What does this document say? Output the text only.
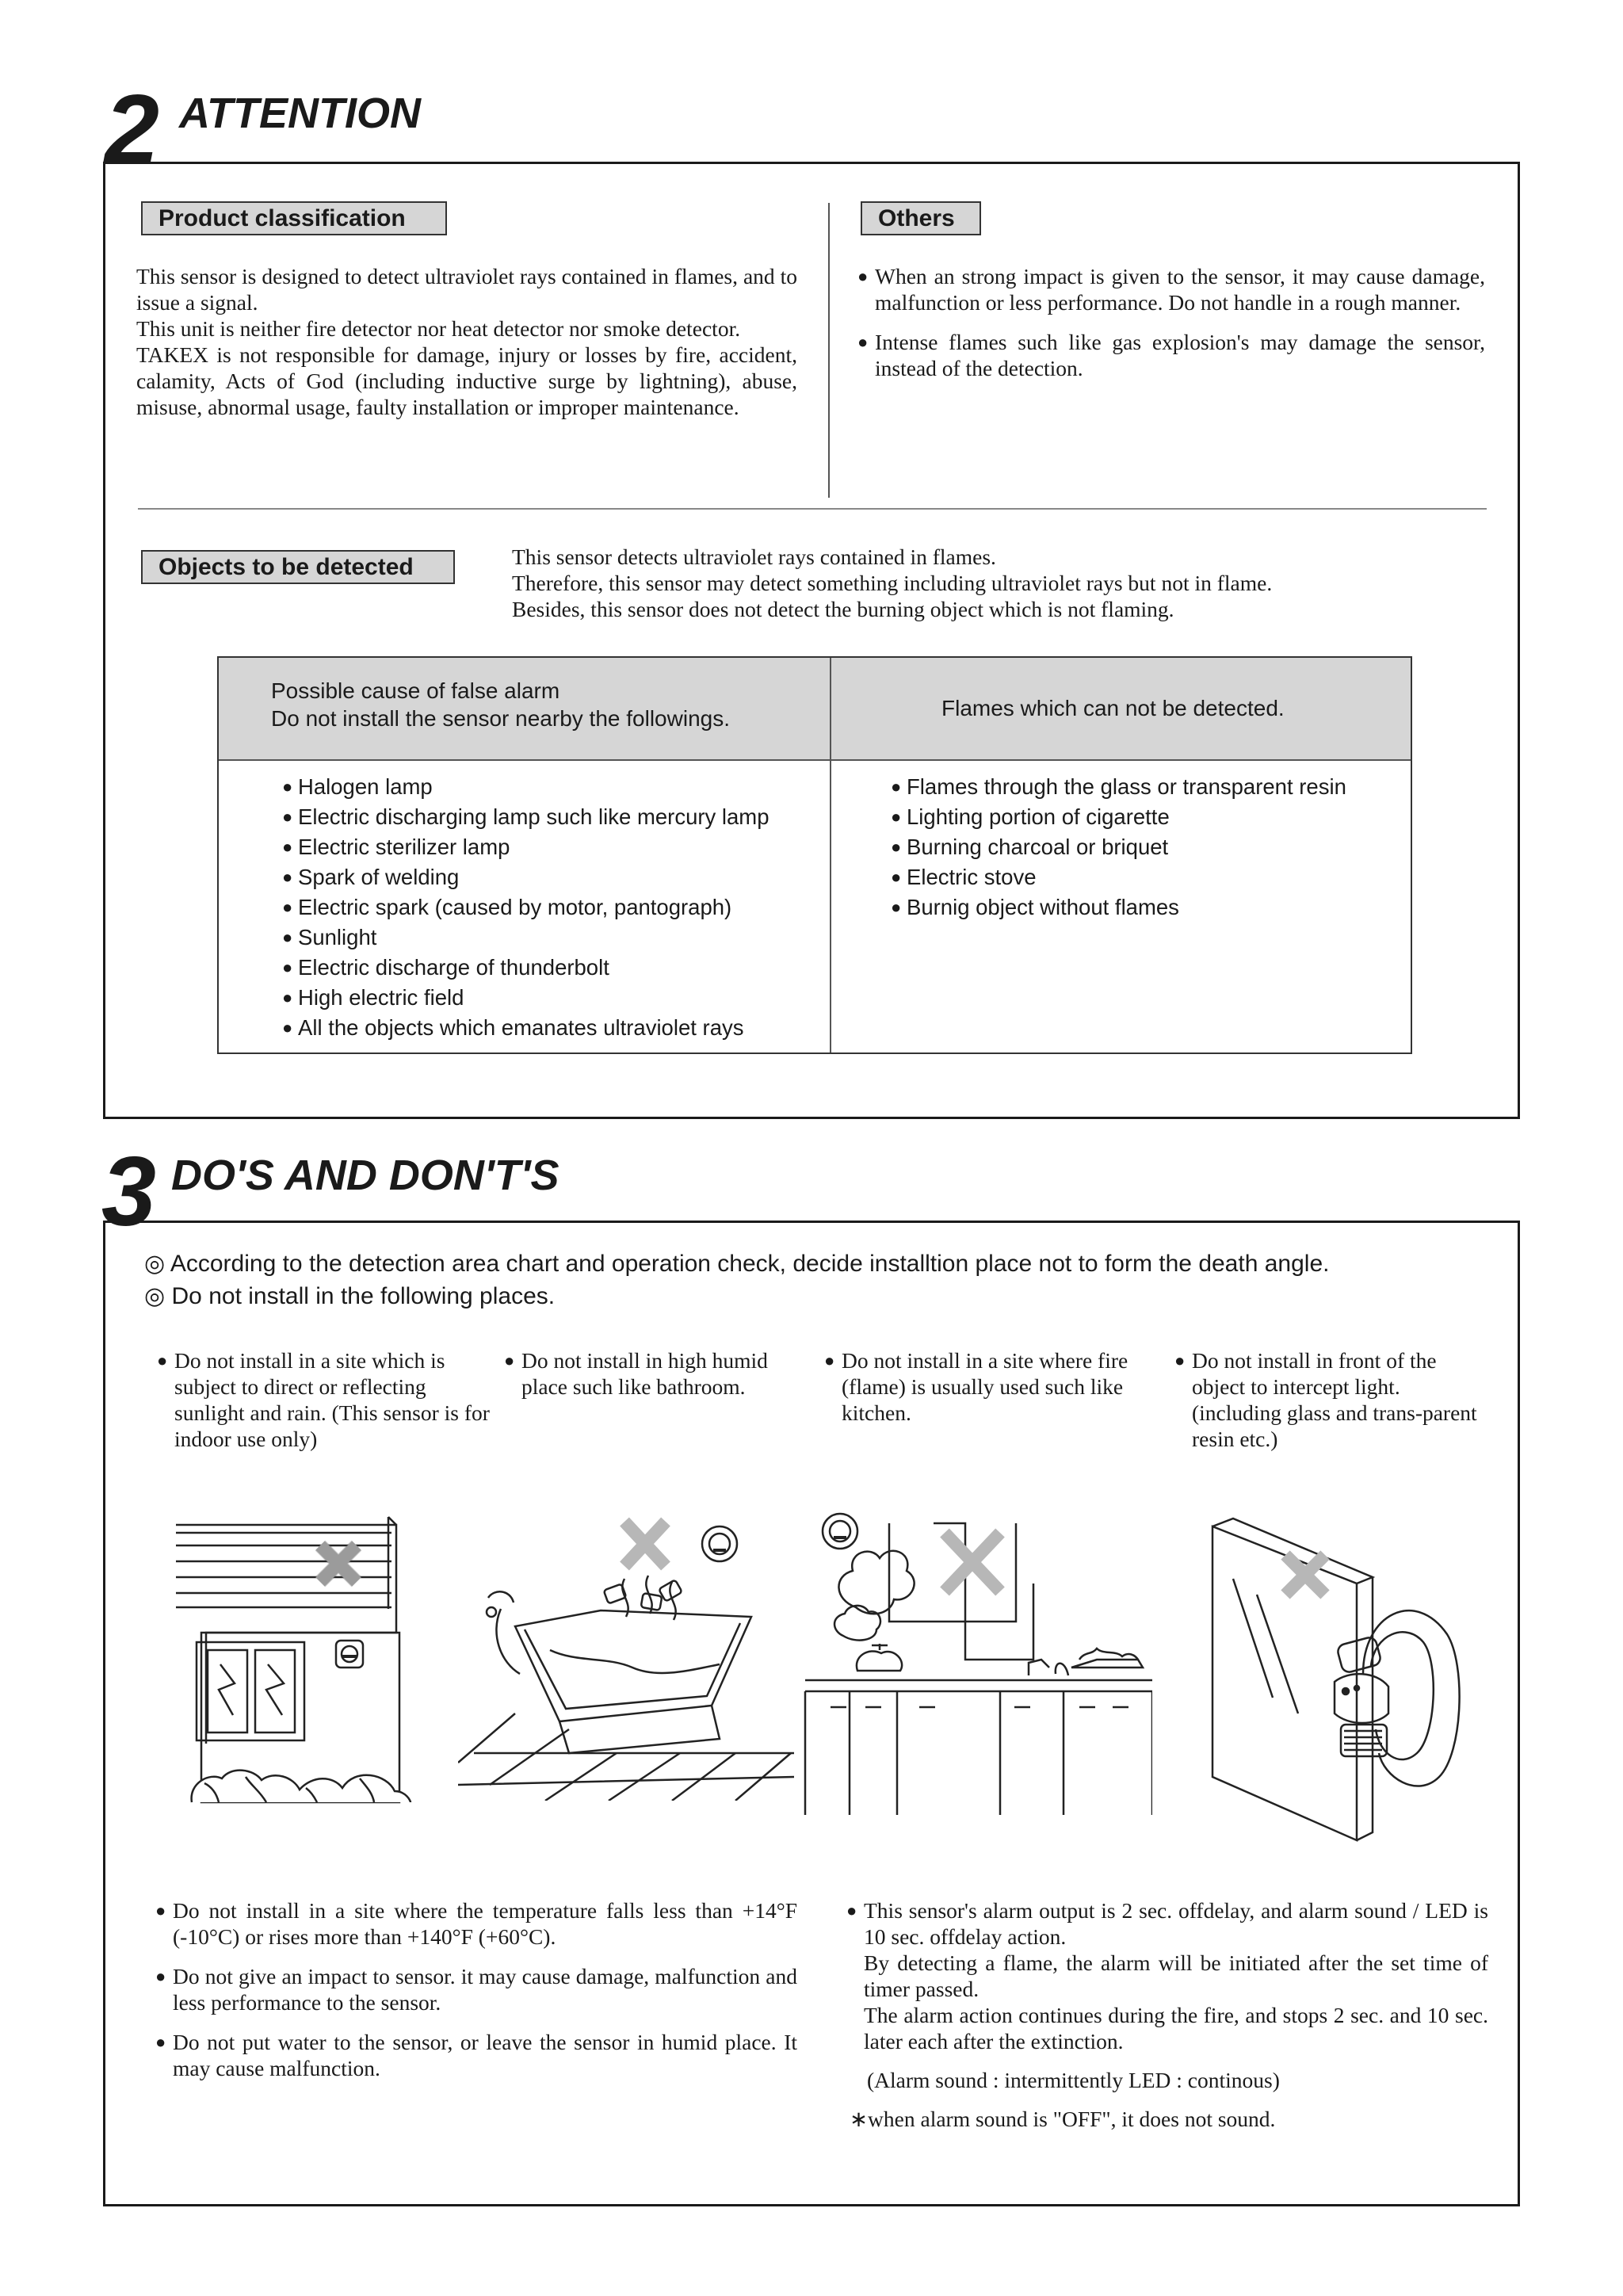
2 ATTENTION
Product classification

This sensor is designed to detect ultraviolet rays contained in flames, and to issue a signal.

This unit is neither fire detector nor heat detector nor smoke detector.

TAKEX is not responsible for damage, injury or losses by fire, accident, calamity, Acts of God (including inductive surge by lightning), abuse, misuse, abnormal usage, faulty installation or improper maintenance.

Others

● When an strong impact is given to the sensor, it may cause damage, malfunction or less performance. Do not handle in a rough manner.

● Intense flames such like gas explosion's may damage the sensor, instead of the detection.

Objects to be detected	This sensor detects ultraviolet rays contained in flames.

Therefore, this sensor may detect something including ultraviolet rays but not in flame.

Besides, this sensor does not detect the burning object which is not flaming.

Possible cause of false alarm
Do not install the sensor nearby the followings.	Flames which can not be detected.
● Halogen lamp
● Electric discharging lamp such like mercury lamp
● Electric sterilizer lamp
● Spark of welding
● Electric spark (caused by motor, pantograph)
● Sunlight
● Electric discharge of thunderbolt
● High electric field
● All the objects which emanates ultraviolet rays
● Flames through the glass or transparent resin
● Lighting portion of cigarette
● Burning charcoal or briquet
● Electric stove
● Burnig object without flames
3 DO'S AND DON'T'S
◎ According to the detection area chart and operation check, decide installtion place not to form the death angle.
◎ Do not install in the following places.
● Do not install in a site which is subject to direct or reflecting sunlight and rain. (This sensor is for indoor use only)
● Do not install in high humid place such like bathroom.
● Do not install in a site where fire (flame) is usually used such like kitchen.
● Do not install in front of the object to intercept light. (including glass and trans-parent resin etc.)

● Do not install in a site where the temperature falls less than +14°F (-10°C) or rises more than +140°F (+60°C).

● Do not give an impact to sensor. it may cause damage, malfunction and less performance to the sensor.

● Do not put water to the sensor, or leave the sensor in humid place. It may cause malfunction.

● This sensor's alarm output is 2 sec. offdelay, and alarm sound / LED is 10 sec. offdelay action.

By detecting a flame, the alarm will be initiated after the set time of timer passed.

The alarm action continues during the fire, and stops 2 sec. and 10 sec. later each after the extinction.

(Alarm sound : intermittently LED : continous)

∗when alarm sound is "OFF", it does not sound.
